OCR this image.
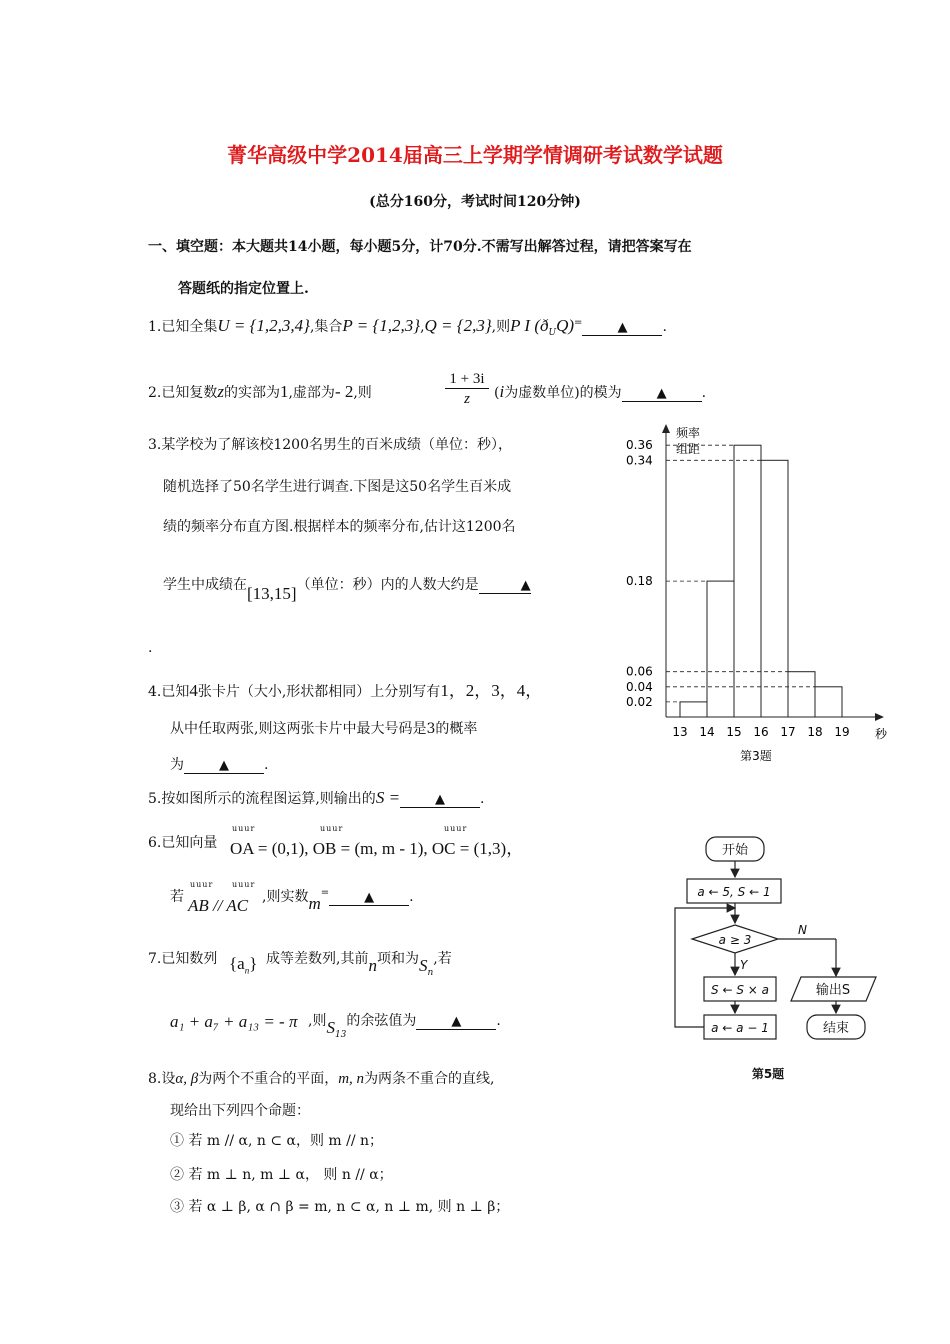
菁华高级中学2014届高三上学期学情调研考试数学试题
(总分160分，考试时间120分钟)
一、填空题：本大题共14小题，每小题5分，计70分.不需写出解答过程，请把答案写在
答题纸的指定位置上.
1.已知全集U = {1,2,3,4},集合P = {1,2,3},Q = {2,3},则P I $(ð_UQ)^=$	▲	.
2.已知复数z的实部为1,虚部为- 2,则
1 + 3i
z	(i为虚数单位)的模为	▲	.
3.某学校为了解该校1200名男生的百米成绩（单位：秒），
随机选择了50名学生进行调查.下图是这50名学生百米成
绩的频率分布直方图.根据样本的频率分布,估计这1200名
学生中成绩在[13,15]（单位：秒）内的人数大约是	▲
.
4.已知4张卡片（大小,形状都相同）上分别写有1，2，3，4，
从中任取两张,则这两张卡片中最大号码是3的概率
为	▲	.
5.按如图所示的流程图运算,则输出的S =	▲	.
6.已知向量
uuur	uuur	uuur
OA = (0,1), OB = (m, m - 1), OC = (1,3)，
若
uuur uuur
AB // AC ,则实数m=	▲	.
7.已知数列 $\{a_n\}$ 成等差数列,其前n项和为$S_n$,若
a₁ + a₇ + a₁₃ = - π ,则$S_{13}$的余弦值为	▲	.
8.设α, β为两个不重合的平面，m, n为两条不重合的直线,
现给出下列四个命题：
① 若 m // α, n ⊂ α，则 m // n；
② 若 m ⊥ n, m ⊥ α， 则 n // α；
③ 若 α ⊥ β, α ∩ β = m, n ⊂ α, n ⊥ m, 则 n ⊥ β；
频率
组距
秒
0.36
0.34
0.18
0.06
0.04
0.02
13 14 15 16 17 18 19
第3题
开始
a ← 5, S ← 1
a ≥ 3
Y
N
S ← S × a
a ← a − 1
输出S
结束
第5题
